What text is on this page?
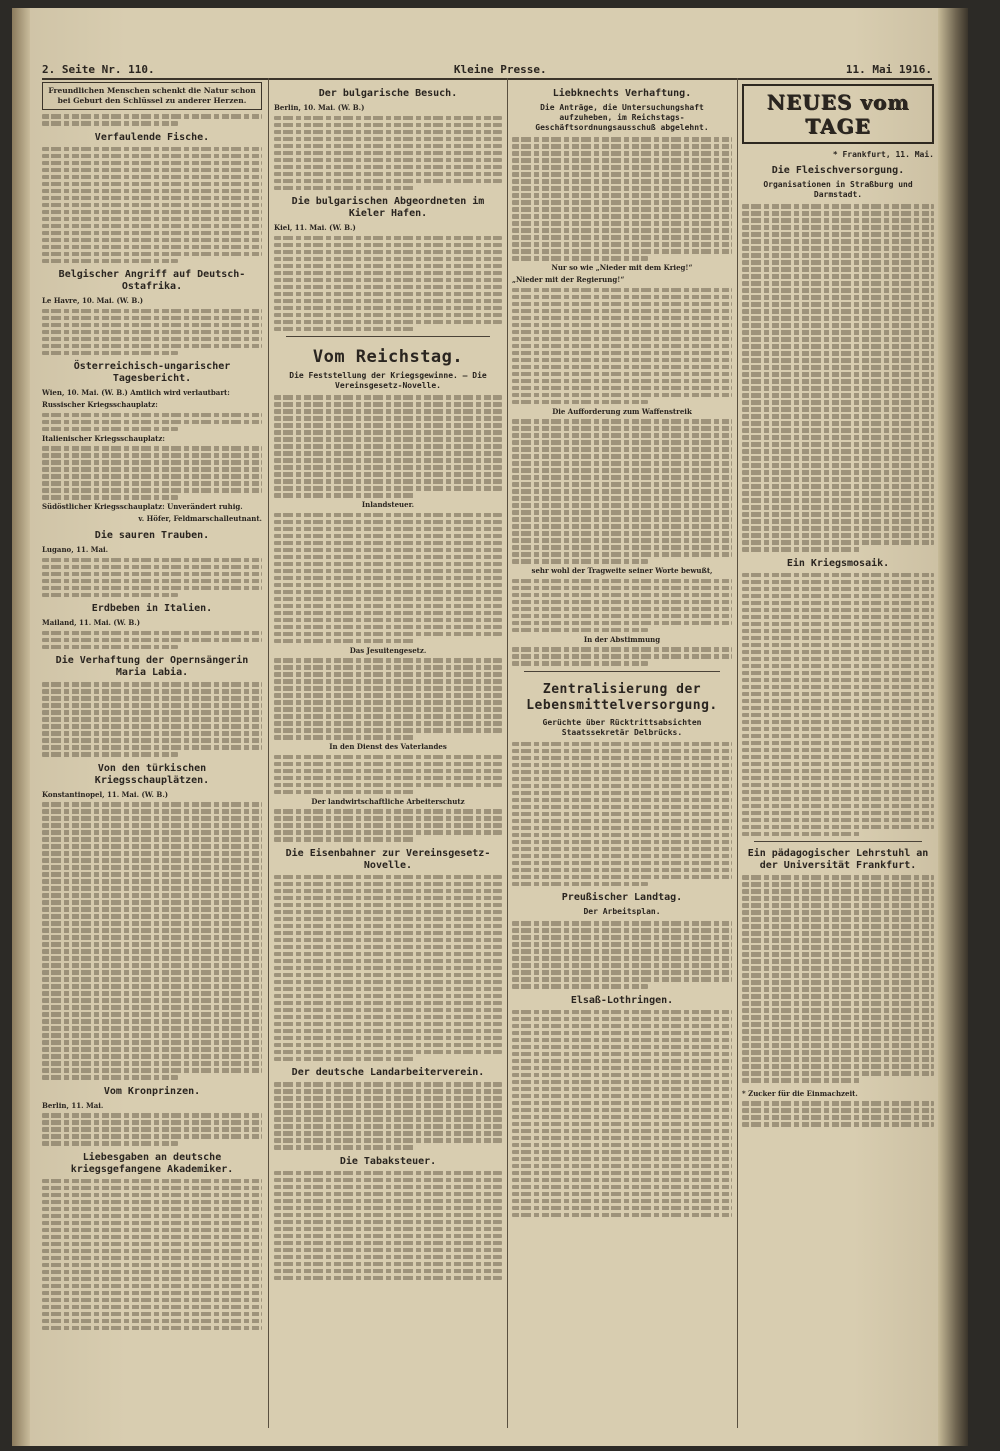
2. Seite Nr. 110.	Kleine Presse.	11. Mai 1916.
Freundlichen Menschen schenkt die Natur schon bei Geburt den Schlüssel zu anderer Herzen.
Verfaulende Fische.
Belgischer Angriff auf Deutsch-Ostafrika.

Le Havre, 10. Mai. (W. B.)

Österreichisch-ungarischer Tagesbericht.

Wien, 10. Mai. (W. B.) Amtlich wird verlautbart:

Russischer Kriegsschauplatz:

Italienischer Kriegsschauplatz:

Südöstlicher Kriegsschauplatz: Unverändert ruhig.

v. Höfer, Feldmarschalleutnant.

Die sauren Trauben.

Lugano, 11. Mai.

Erdbeben in Italien.

Mailand, 11. Mai. (W. B.)

Die Verhaftung der Opernsängerin Maria Labia.
Von den türkischen Kriegsschauplätzen.

Konstantinopel, 11. Mai. (W. B.)

Vom Kronprinzen.

Berlin, 11. Mai.

Liebesgaben an deutsche kriegsgefangene Akademiker.
Der bulgarische Besuch.

Berlin, 10. Mai. (W. B.)

Die bulgarischen Abgeordneten im Kieler Hafen.

Kiel, 11. Mai. (W. B.)

Vom Reichstag.

Die Feststellung der Kriegsgewinne. — Die Vereinsgesetz-Novelle.

Inlandsteuer.

Das Jesuitengesetz.

In den Dienst des Vaterlandes

Der landwirtschaftliche Arbeiterschutz

Die Eisenbahner zur Vereinsgesetz-Novelle.
Der deutsche Landarbeiterverein.
Die Tabaksteuer.
Liebknechts Verhaftung.

Die Anträge, die Untersuchungshaft aufzuheben, im Reichstags-Geschäftsordnungsausschuß abgelehnt.

Nur so wie „Nieder mit dem Krieg!“

„Nieder mit der Regierung!“

Die Aufforderung zum Waffenstreik

sehr wohl der Tragweite seiner Worte bewußt,

In der Abstimmung

Zentralisierung der Lebensmittelversorgung.

Gerüchte über Rücktrittsabsichten Staatssekretär Delbrücks.

Preußischer Landtag.

Der Arbeitsplan.

Elsaß-Lothringen.
NEUES vom TAGE

* Frankfurt, 11. Mai.

Die Fleischversorgung.

Organisationen in Straßburg und Darmstadt.

Ein Kriegsmosaik.
Ein pädagogischer Lehrstuhl an der Universität Frankfurt.

* Zucker für die Einmachzeit.
